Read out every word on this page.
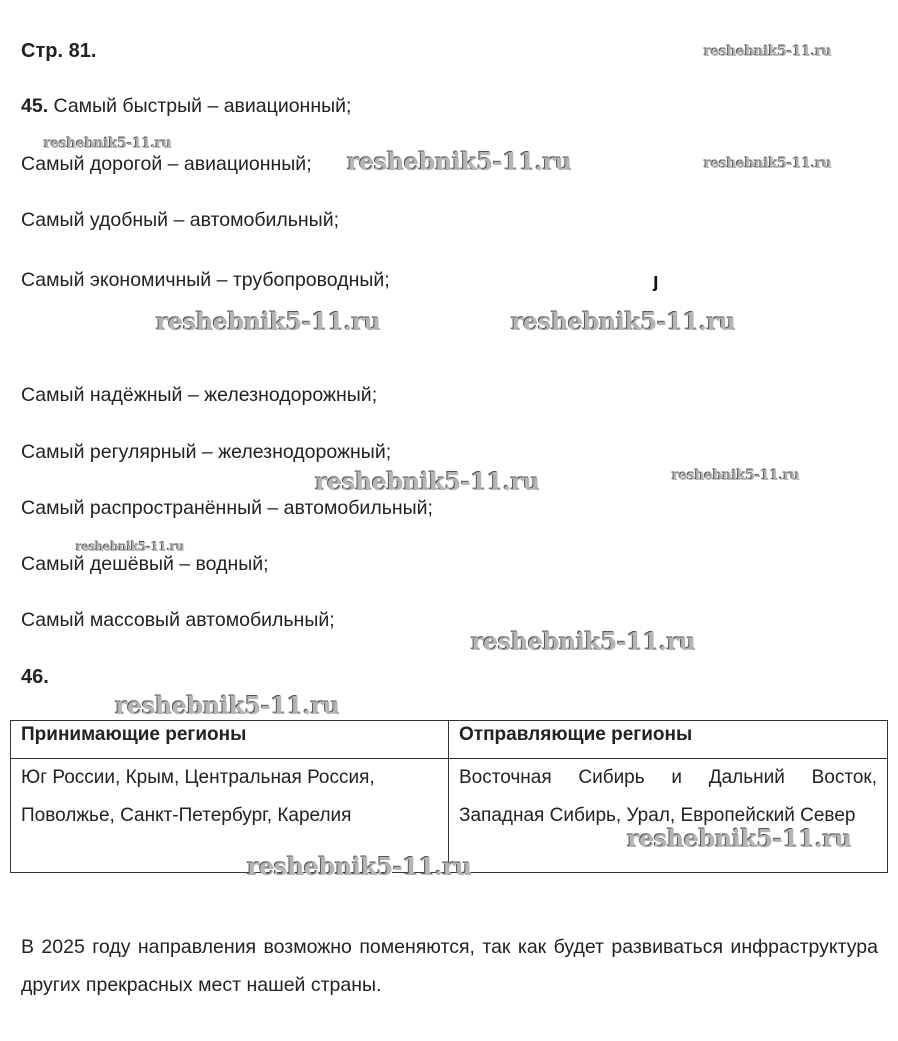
Стр. 81.
45. Самый быстрый – авиационный;
Самый дорогой – авиационный;
Самый удобный – автомобильный;
Самый экономичный – трубопроводный;
Самый надёжный – железнодорожный;
Самый регулярный – железнодорожный;
Самый распространённый – автомобильный;
Самый дешёвый – водный;
Самый массовый автомобильный;
ȷ
46.
Принимающие регионы	Отправляющие регионы
Юг России, Крым, Центральная Россия, Поволжье, Санкт-Петербург, Карелия	Восточная Сибирь и Дальний Восток, Западная Сибирь, Урал, Европейский Север
В 2025 году направления возможно поменяются, так как будет развиваться инфраструктура других прекрасных мест нашей страны.
reshebnik5-11.ru
reshebnik5-11.ru
reshebnik5-11.ru	reshebnik5-11.ru
reshebnik5-11.ru	reshebnik5-11.ru
reshebnik5-11.ru	reshebnik5-11.ru
reshebnik5-11.ru
reshebnik5-11.ru
reshebnik5-11.ru
reshebnik5-11.ru
reshebnik5-11.ru
